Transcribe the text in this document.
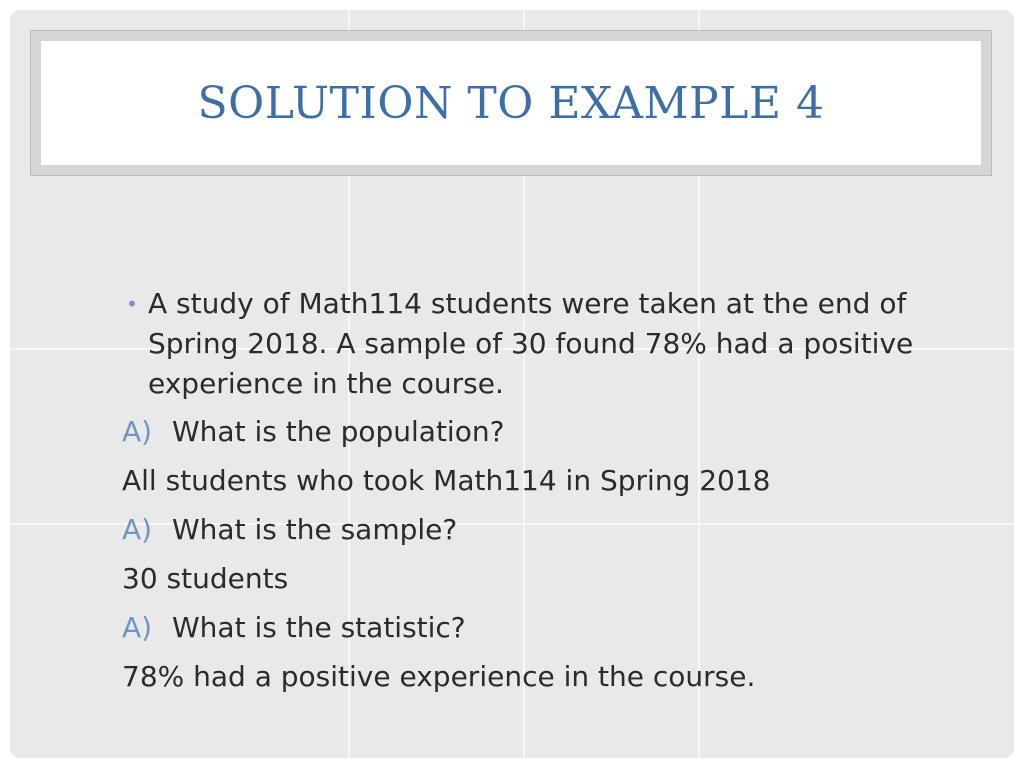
SOLUTION TO EXAMPLE 4

• A study of Math114 students were taken at the end of Spring 2018. A sample of 30 found 78% had a positive experience in the course.

A) What is the population?
All students who took Math114 in Spring 2018
A) What is the sample?
30 students
A) What is the statistic?
78% had a positive experience in the course.
